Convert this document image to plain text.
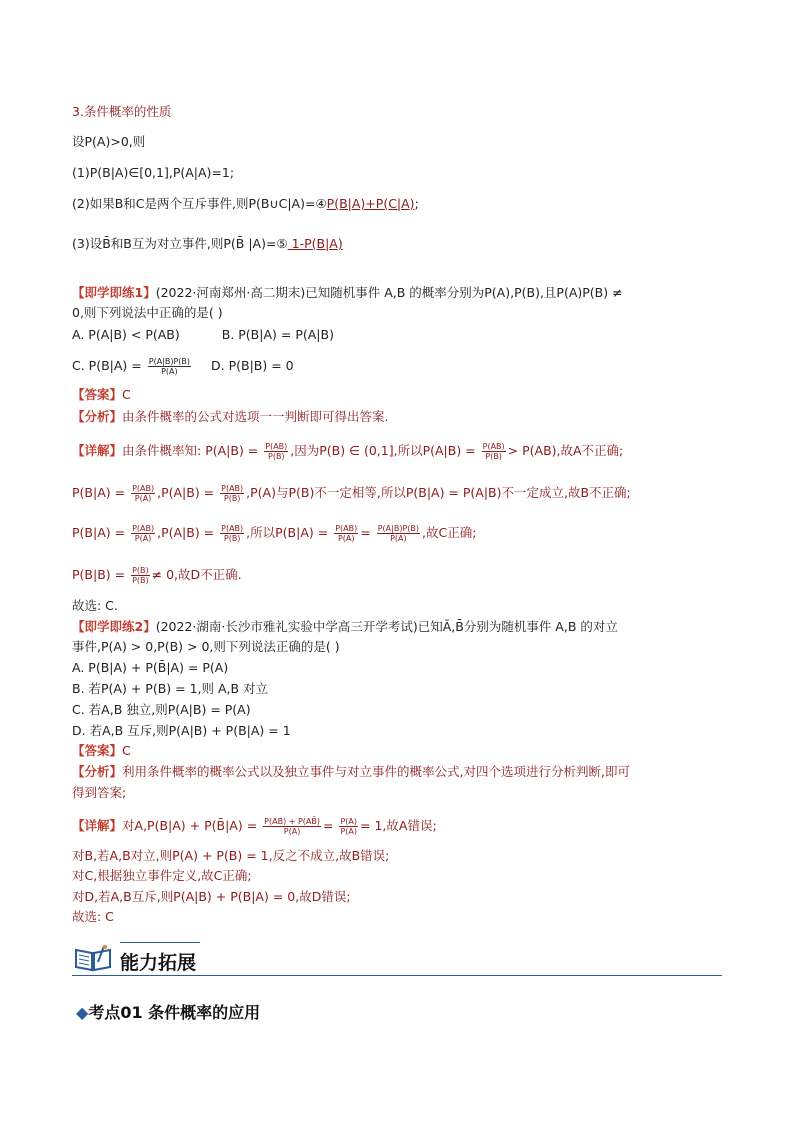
3.条件概率的性质
设P(A)>0,则
(1)P(B|A)∈[0,1],P(A|A)=1;
(2)如果B和C是两个互斥事件,则P(B∪C|A)=④P(B|A)+P(C|A);
(3)设B̄和B互为对立事件,则P(B̄ |A)=⑤ 1-P(B|A)
【即学即练1】(2022·河南郑州·高二期末)已知随机事件 A,B 的概率分别为P(A),P(B),且P(A)P(B) ≠
0,则下列说法中正确的是( )
A. P(A|B) < P(AB)	B. P(B|A) = P(A|B)
C. $P(B|A) = \frac{P(A|B)P(B)}{P(A)} D$. P(B|B) = 0
【答案】C
【分析】由条件概率的公式对选项一一判断即可得出答案.
【详解】由条件概率知: $P(A|B) = \frac{P(AB)}{P(B)}$ ,因为P(B) ∈ (0,1],所以$P(A|B) = \frac{P(AB)}{P(B)} > P(AB)$,故A不正确;
$P(B|A) = \frac{P(AB)}{P(A)} ,P(A|B) = \frac{P(AB)}{P(B)} ,P(A)$与P(B)不一定相等,所以P(B|A) = P(A|B)不一定成立,故B不正确;
$P(B|A) = \frac{P(AB)}{P(A)} ,P(A|B) = \frac{P(AB)}{P(B)}$ ,所以$P(B|A) = \frac{P(AB)}{P(A)} = \frac{P(A|B)P(B)}{P(A)}$ ,故C正确;
$P(B|B) = \frac{P(B)}{P(B)} \ne 0$,故D不正确.
故选: C.
【即学即练2】(2022·湖南·长沙市雅礼实验中学高三开学考试)已知Ā,B̄分别为随机事件 A,B 的对立
事件,P(A) > 0,P(B) > 0,则下列说法正确的是( )
A. P(B|A) + P(B̄|A) = P(A)
B. 若P(A) + P(B) = 1,则 A,B 对立
C. 若A,B 独立,则P(A|B) = P(A)
D. 若A,B 互斥,则P(A|B) + P(B|A) = 1
【答案】C
【分析】利用条件概率的概率公式以及独立事件与对立事件的概率公式,对四个选项进行分析判断,即可
得到答案;
【详解】对A,P(B|A) + P(B̄|A) = $\frac{P(AB) + P(AB̄)}{P(A)} = \frac{P(A)}{P(A)} = 1$,故A错误;
对B,若A,B对立,则P(A) + P(B) = 1,反之不成立,故B错误;
对C,根据独立事件定义,故C正确;
对D,若A,B互斥,则P(A|B) + P(B|A) = 0,故D错误;
故选: C
能力拓展
◆考点01 条件概率的应用
